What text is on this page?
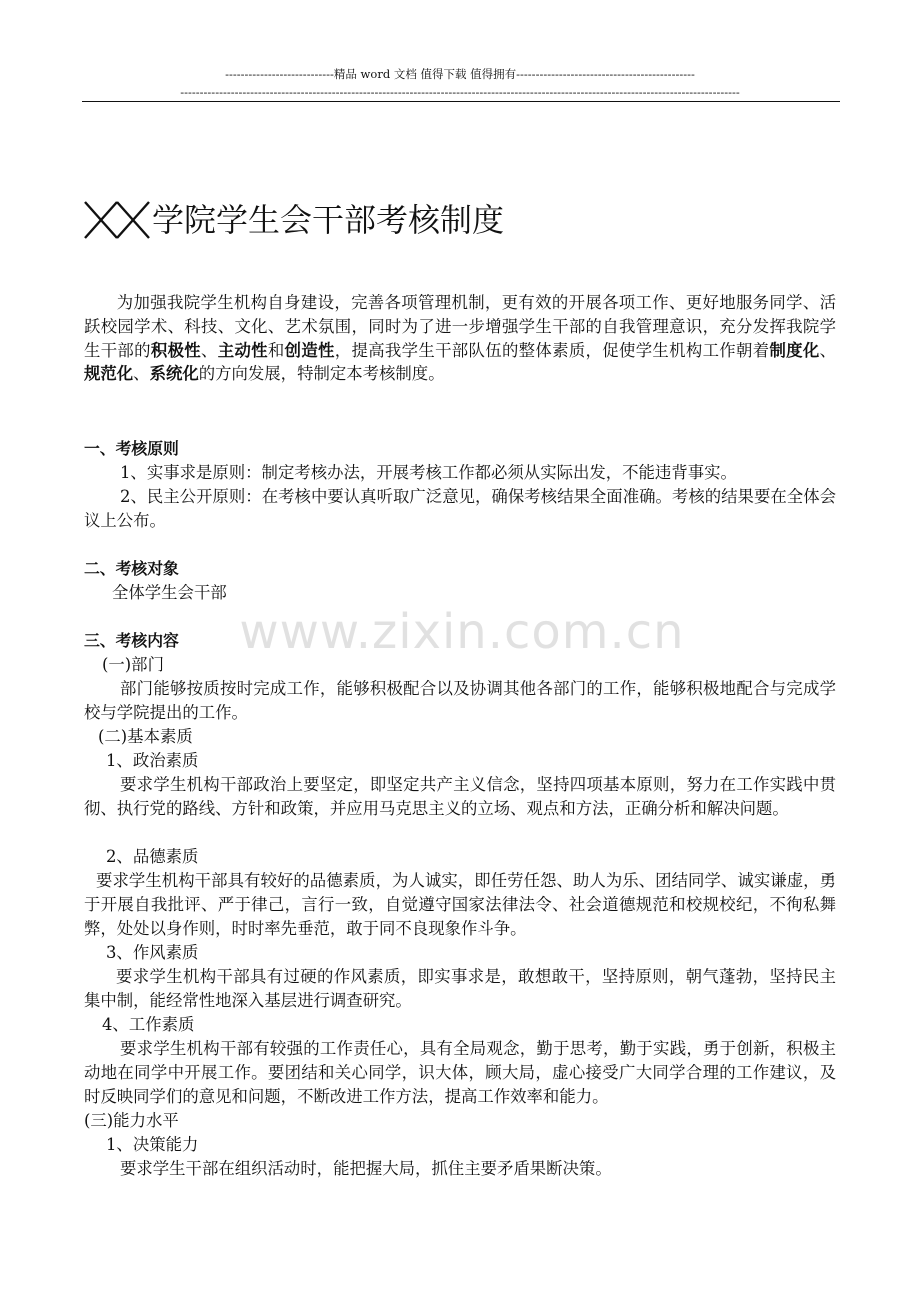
----------------------------精品 word 文档 值得下载 值得拥有----------------------------------------------
------------------------------------------------------------------------------------------------------------------------------------------------
学院学生会干部考核制度
为加强我院学生机构自身建设，完善各项管理机制，更有效的开展各项工作、更好地服务同学、活跃校园学术、科技、文化、艺术氛围，同时为了进一步增强学生干部的自我管理意识，充分发挥我院学生干部的积极性、主动性和创造性，提高我学生干部队伍的整体素质，促使学生机构工作朝着制度化、规范化、系统化的方向发展，特制定本考核制度。
一、考核原则
1、实事求是原则：制定考核办法，开展考核工作都必须从实际出发，不能违背事实。
2、民主公开原则：在考核中要认真听取广泛意见，确保考核结果全面准确。考核的结果要在全体会议上公布。
二、考核对象
全体学生会干部
www.zixin.com.cn
三、考核内容
(一)部门
部门能够按质按时完成工作，能够积极配合以及协调其他各部门的工作，能够积极地配合与完成学校与学院提出的工作。
(二)基本素质
1、政治素质
要求学生机构干部政治上要坚定，即坚定共产主义信念，坚持四项基本原则，努力在工作实践中贯彻、执行党的路线、方针和政策，并应用马克思主义的立场、观点和方法，正确分析和解决问题。
2、品德素质
要求学生机构干部具有较好的品德素质，为人诚实，即任劳任怨、助人为乐、团结同学、诚实谦虚，勇于开展自我批评、严于律己，言行一致，自觉遵守国家法律法令、社会道德规范和校规校纪，不徇私舞弊，处处以身作则，时时率先垂范，敢于同不良现象作斗争。
3、作风素质
要求学生机构干部具有过硬的作风素质，即实事求是，敢想敢干，坚持原则，朝气蓬勃，坚持民主集中制，能经常性地深入基层进行调查研究。
4、工作素质
要求学生机构干部有较强的工作责任心，具有全局观念，勤于思考，勤于实践，勇于创新，积极主动地在同学中开展工作。要团结和关心同学，识大体，顾大局，虚心接受广大同学合理的工作建议，及时反映同学们的意见和问题，不断改进工作方法，提高工作效率和能力。
(三)能力水平
1、决策能力
要求学生干部在组织活动时，能把握大局，抓住主要矛盾果断决策。
